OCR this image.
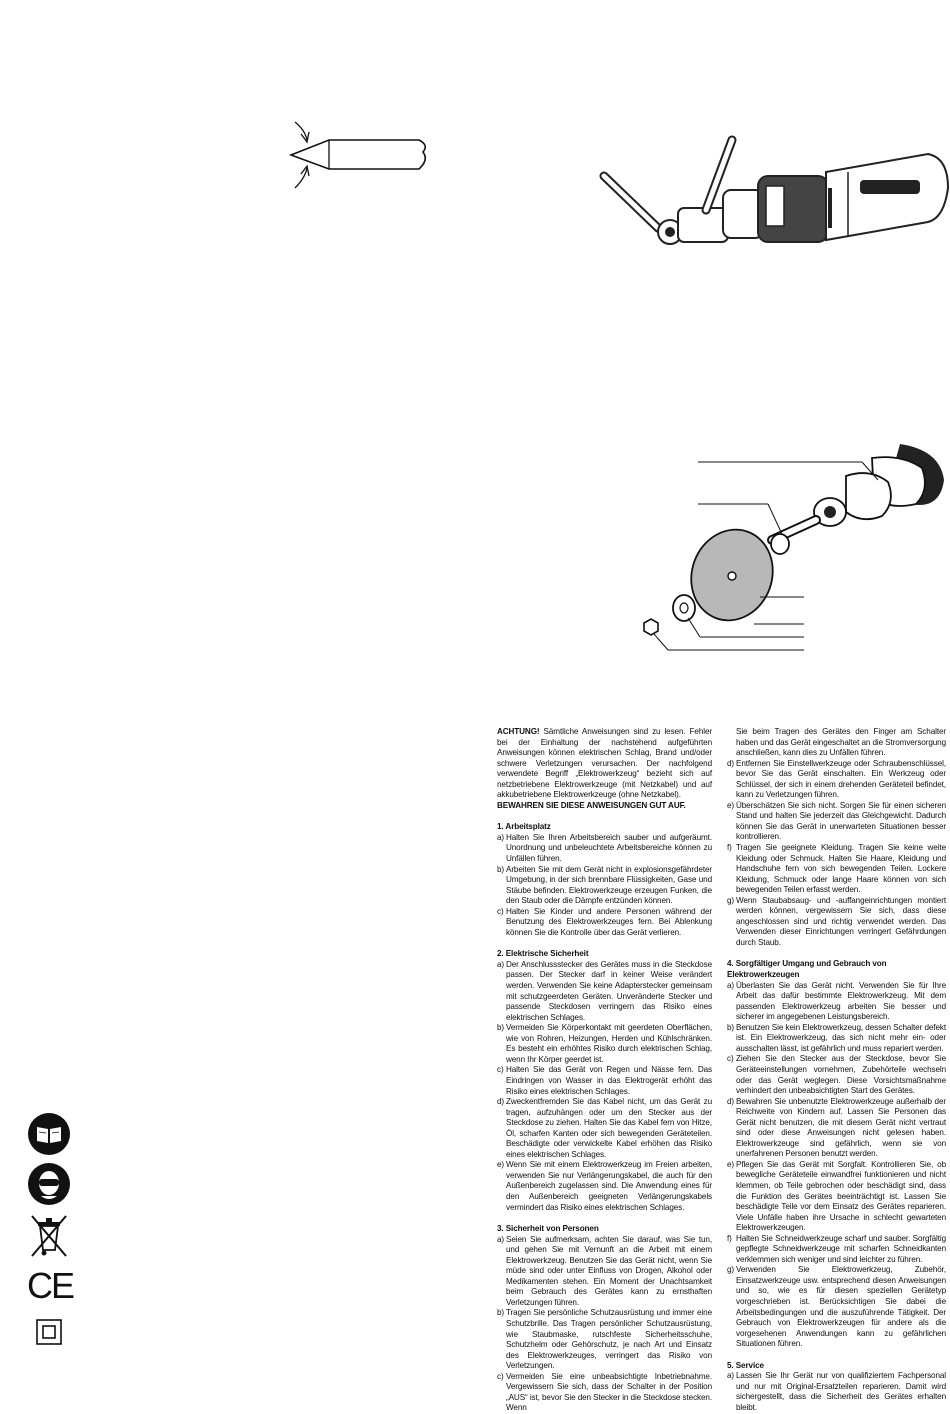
CE

ACHTUNG! Sämtliche Anweisungen sind zu lesen. Fehler bei der Einhaltung der nachstehend aufgeführten Anweisungen können elektrischen Schlag, Brand und/oder schwere Verletzungen verursachen. Der nachfolgend verwendete Begriff „Elektrowerkzeug“ bezieht sich auf netzbetriebene Elektrowerkzeuge (mit Netzkabel) und auf akkubetriebene Elektrowerkzeuge (ohne Netzkabel).

BEWAHREN SIE DIESE ANWEISUNGEN GUT AUF.

1. Arbeitsplatz

a) Halten Sie Ihren Arbeitsbereich sauber und aufgeräumt. Unordnung und unbeleuchtete Arbeitsbereiche können zu Unfällen führen.

b) Arbeiten Sie mit dem Gerät nicht in explosionsgefährdeter Umgebung, in der sich brennbare Flüssigkeiten, Gase und Stäube befinden. Elektrowerkzeuge erzeugen Funken, die den Staub oder die Dämpfe entzünden können.

c) Halten Sie Kinder und andere Personen während der Benutzung des Elektrowerkzeuges fern. Bei Ablenkung können Sie die Kontrolle über das Gerät verlieren.

2. Elektrische Sicherheit

a) Der Anschlussstecker des Gerätes muss in die Steckdose passen. Der Stecker darf in keiner Weise verändert werden. Verwenden Sie keine Adapterstecker gemeinsam mit schutzgeerdeten Geräten. Unveränderte Stecker und passende Steckdosen verringern das Risiko eines elektrischen Schlages.

b) Vermeiden Sie Körperkontakt mit geerdeten Oberflächen, wie von Rohren, Heizungen, Herden und Kühlschränken. Es besteht ein erhöhtes Risiko durch elektrischen Schlag, wenn Ihr Körper geerdet ist.

c) Halten Sie das Gerät von Regen und Nässe fern. Das Eindringen von Wasser in das Elektrogerät erhöht das Risiko eines elektrischen Schlages.

d) Zweckentfremden Sie das Kabel nicht, um das Gerät zu tragen, aufzuhängen oder um den Stecker aus der Steckdose zu ziehen. Halten Sie das Kabel fern von Hitze, Öl, scharfen Kanten oder sich bewegenden Geräteteilen. Beschädigte oder verwickelte Kabel erhöhen das Risiko eines elektrischen Schlages.

e) Wenn Sie mit einem Elektrowerkzeug im Freien arbeiten, verwenden Sie nur Verlängerungskabel, die auch für den Außenbereich zugelassen sind. Die Anwendung eines für den Außenbereich geeigneten Verlängerungskabels vermindert das Risiko eines elektrischen Schlages.

3. Sicherheit von Personen

a) Seien Sie aufmerksam, achten Sie darauf, was Sie tun, und gehen Sie mit Vernunft an die Arbeit mit einem Elektrowerkzeug. Benutzen Sie das Gerät nicht, wenn Sie müde sind oder unter Einfluss von Drogen, Alkohol oder Medikamenten stehen. Ein Moment der Unachtsamkeit beim Gebrauch des Gerätes kann zu ernsthaften Verletzungen führen.

b) Tragen Sie persönliche Schutzausrüstung und immer eine Schutzbrille. Das Tragen persönlicher Schutzausrüstung, wie Staubmaske, rutschfeste Sicherheitsschuhe, Schutzhelm oder Gehörschutz, je nach Art und Einsatz des Elektrowerkzeuges, verringert das Risiko von Verletzungen.

c) Vermeiden Sie eine unbeabsichtigte Inbetriebnahme. Vergewissern Sie sich, dass der Schalter in der Position „AUS“ ist, bevor Sie den Stecker in die Steckdose stecken. Wenn

Sie beim Tragen des Gerätes den Finger am Schalter haben und das Gerät eingeschaltet an die Stromversorgung anschließen, kann dies zu Unfällen führen.

d) Entfernen Sie Einstellwerkzeuge oder Schraubenschlüssel, bevor Sie das Gerät einschalten. Ein Werkzeug oder Schlüssel, der sich in einem drehenden Geräteteil befindet, kann zu Verletzungen führen.

e) Überschätzen Sie sich nicht. Sorgen Sie für einen sicheren Stand und halten Sie jederzeit das Gleichgewicht. Dadurch können Sie das Gerät in unerwarteten Situationen besser kontrollieren.

f) Tragen Sie geeignete Kleidung. Tragen Sie keine weite Kleidung oder Schmuck. Halten Sie Haare, Kleidung und Handschuhe fern von sich bewegenden Teilen. Lockere Kleidung, Schmuck oder lange Haare können von sich bewegenden Teilen erfasst werden.

g) Wenn Staubabsaug- und -auffangeinrichtungen montiert werden können, vergewissern Sie sich, dass diese angeschlossen sind und richtig verwendet werden. Das Verwenden dieser Einrichtungen verringert Gefährdungen durch Staub.

4. Sorgfältiger Umgang und Gebrauch von Elektrowerkzeugen

a) Überlasten Sie das Gerät nicht. Verwenden Sie für Ihre Arbeit das dafür bestimmte Elektrowerkzeug. Mit dem passenden Elektrowerkzeug arbeiten Sie besser und sicherer im angegebenen Leistungsbereich.

b) Benutzen Sie kein Elektrowerkzeug, dessen Schalter defekt ist. Ein Elektrowerkzeug, das sich nicht mehr ein- oder ausschalten lässt, ist gefährlich und muss repariert werden.

c) Ziehen Sie den Stecker aus der Steckdose, bevor Sie Geräteeinstellungen vornehmen, Zubehörteile wechseln oder das Gerät weglegen. Diese Vorsichtsmaßnahme verhindert den unbeabsichtigten Start des Gerätes.

d) Bewahren Sie unbenutzte Elektrowerkzeuge außerhalb der Reichweite von Kindern auf. Lassen Sie Personen das Gerät nicht benutzen, die mit diesem Gerät nicht vertraut sind oder diese Anweisungen nicht gelesen haben. Elektrowerkzeuge sind gefährlich, wenn sie von unerfahrenen Personen benutzt werden.

e) Pflegen Sie das Gerät mit Sorgfalt. Kontrollieren Sie, ob bewegliche Geräteteile einwandfrei funktionieren und nicht klemmen, ob Teile gebrochen oder beschädigt sind, dass die Funktion des Gerätes beeinträchtigt ist. Lassen Sie beschädigte Teile vor dem Einsatz des Gerätes reparieren. Viele Unfälle haben ihre Ursache in schlecht gewarteten Elektrowerkzeugen.

f) Halten Sie Schneidwerkzeuge scharf und sauber. Sorgfältig gepflegte Schneidwerkzeuge mit scharfen Schneidkanten verklemmen sich weniger und sind leichter zu führen.

g) Verwenden Sie Elektrowerkzeug, Zubehör, Einsatzwerkzeuge usw. entsprechend diesen Anweisungen und so, wie es für diesen speziellen Gerätetyp vorgeschrieben ist. Berücksichtigen Sie dabei die Arbeitsbedingungen und die auszuführende Tätigkeit. Der Gebrauch von Elektrowerkzeugen für andere als die vorgesehenen Anwendungen kann zu gefährlichen Situationen führen.

5. Service

a) Lassen Sie Ihr Gerät nur von qualifiziertem Fachpersonal und nur mit Original-Ersatzteilen reparieren. Damit wird sichergestellt, dass die Sicherheit des Gerätes erhalten bleibt.
